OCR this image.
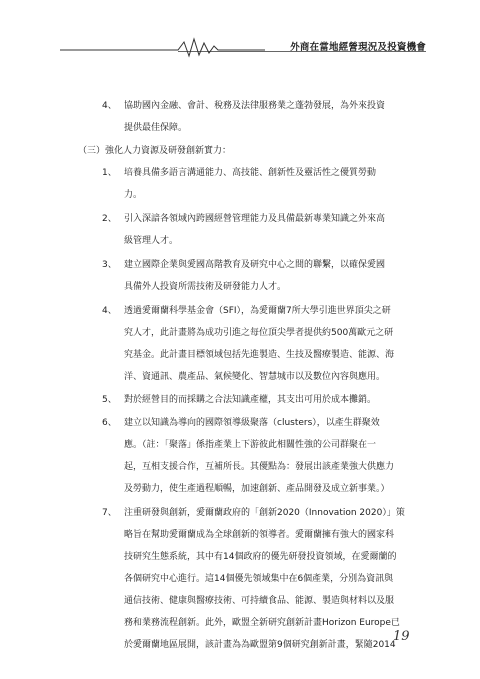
外商在當地經營現況及投資機會
4、 協助國內金融、會計、稅務及法律服務業之蓬勃發展，為外來投資
提供最佳保障。
（三）強化人力資源及研發創新實力：
1、 培養具備多語言溝通能力、高技能、創新性及靈活性之優質勞動
力。
2、 引入深諳各領域內跨國經營管理能力及具備最新專業知識之外來高
級管理人才。
3、 建立國際企業與愛國高階教育及研究中心之間的聯繫，以確保愛國
具備外人投資所需技術及研發能力人才。
4、 透過愛爾蘭科學基金會（SFI），為愛爾蘭7所大學引進世界頂尖之研
究人才，此計畫將為成功引進之每位頂尖學者提供約500萬歐元之研
究基金。此計畫目標領域包括先進製造、生技及醫療製造、能源、海
洋、資通訊、農產品、氣候變化、智慧城市以及數位內容與應用。
5、 對於經營目的而採購之合法知識產權，其支出可用於成本攤銷。
6、 建立以知識為導向的國際領導級聚落（clusters），以產生群聚效
應。（註：「聚落」係指產業上下游彼此相關性強的公司群聚在一
起，互相支援合作，互補所長。其優點為：發展出該產業強大供應力
及勞動力，使生產過程順暢，加速創新、產品開發及成立新事業。）
7、 注重研發與創新，愛爾蘭政府的「創新2020（Innovation 2020）」策
略旨在幫助愛爾蘭成為全球創新的領導者。愛爾蘭擁有強大的國家科
技研究生態系統，其中有14個政府的優先研發投資領域，在愛爾蘭的
各個研究中心進行。這14個優先領域集中在6個產業，分別為資訊與
通信技術、健康與醫療技術、可持續食品、能源、製造與材料以及服
務和業務流程創新。此外，歐盟全新研究創新計畫Horizon Europe已
於愛爾蘭地區展開，該計畫為為歐盟第9個研究創新計畫，緊隨2014
19
